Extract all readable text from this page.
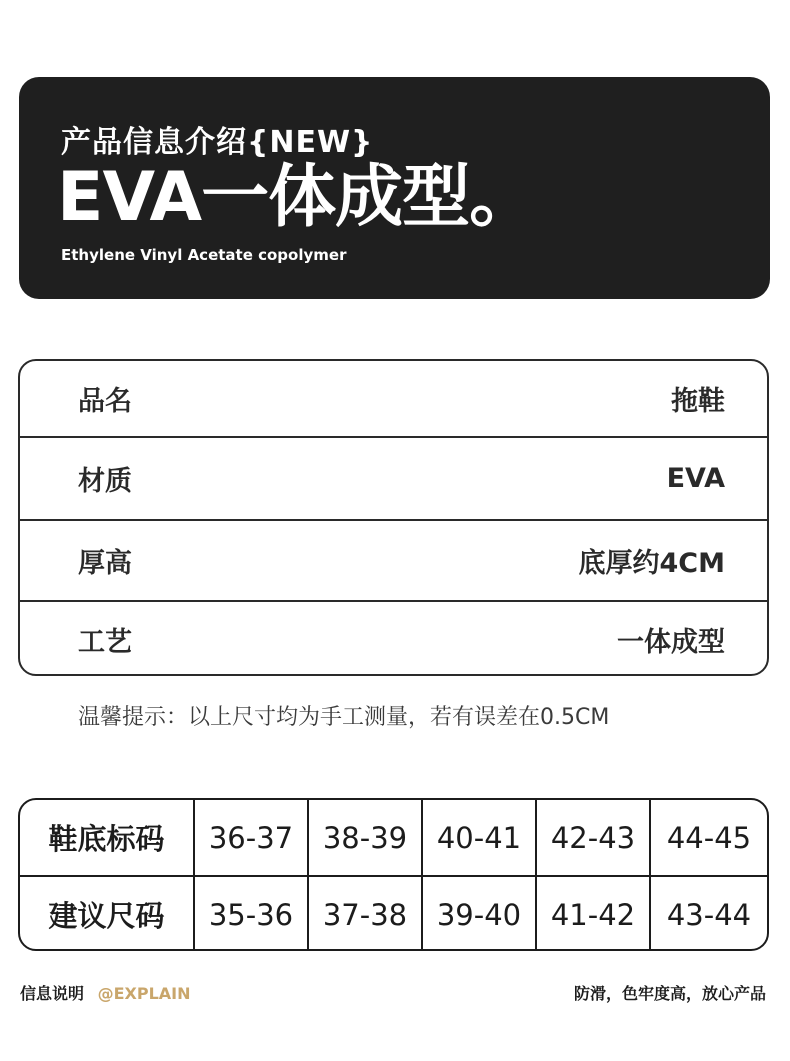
产品信息介绍{NEW}
EVA一体成型。
Ethylene Vinyl Acetate copolymer
品名	拖鞋
材质	EVA
厚高	底厚约4CM
工艺	一体成型
温馨提示：以上尺寸均为手工测量，若有误差在0.5CM
鞋底标码	36-37	38-39	40-41	42-43	44-45
建议尺码	35-36	37-38	39-40	41-42	43-44
信息说明 @EXPLAIN	防滑，色牢度高，放心产品
